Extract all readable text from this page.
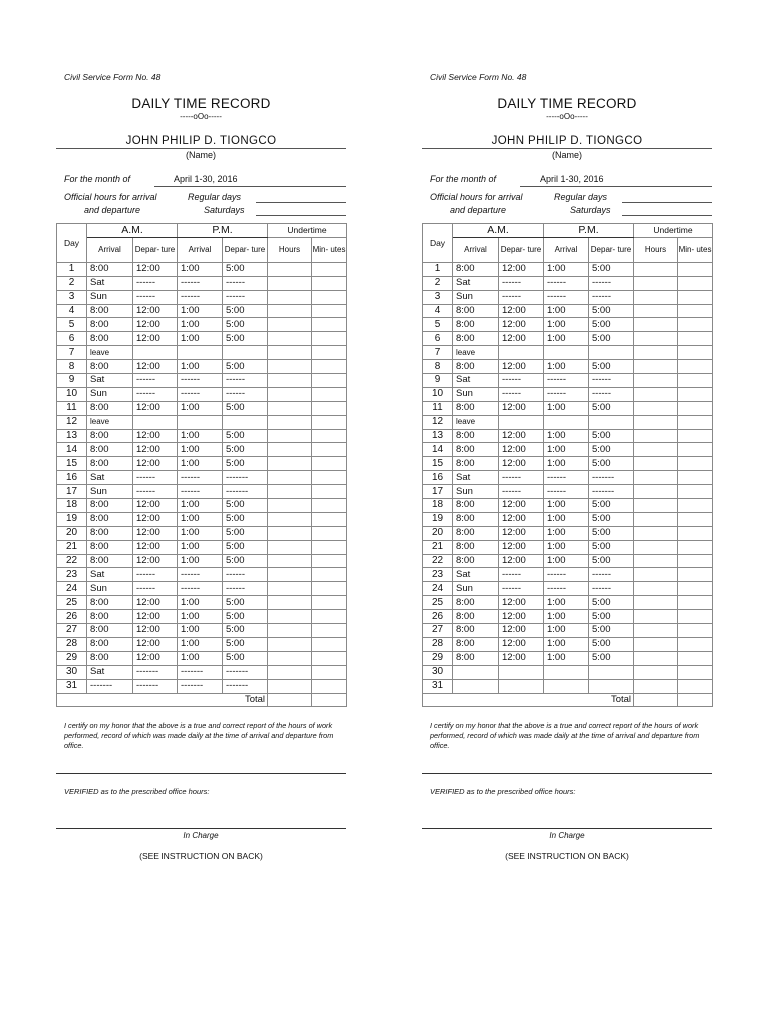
Civil Service Form No. 48
DAILY TIME RECORD
-----oOo-----
JOHN PHILIP D. TIONGCO
(Name)
For the month of	April 1-30, 2016
Official hours for arrival
and departure
Regular days
Saturdays
Day	A.M.		P.M.		Undertime	
	Arrival	Depar- ture	Arrival	Depar- ture	Hours	Min- utes
1	8:00	12:00	1:00	5:00		
2	Sat	------	------	------		
3	Sun	------	------	------		
4	8:00	12:00	1:00	5:00		
5	8:00	12:00	1:00	5:00		
6	8:00	12:00	1:00	5:00		
7	leave					
8	8:00	12:00	1:00	5:00		
9	Sat	------	------	------		
10	Sun	------	------	------		
11	8:00	12:00	1:00	5:00		
12	leave					
13	8:00	12:00	1:00	5:00		
14	8:00	12:00	1:00	5:00		
15	8:00	12:00	1:00	5:00		
16	Sat	------	------	-------		
17	Sun	------	------	-------		
18	8:00	12:00	1:00	5:00		
19	8:00	12:00	1:00	5:00		
20	8:00	12:00	1:00	5:00		
21	8:00	12:00	1:00	5:00		
22	8:00	12:00	1:00	5:00		
23	Sat	------	------	------		
24	Sun	------	------	------		
25	8:00	12:00	1:00	5:00		
26	8:00	12:00	1:00	5:00		
27	8:00	12:00	1:00	5:00		
28	8:00	12:00	1:00	5:00		
29	8:00	12:00	1:00	5:00		
30	Sat	-------	-------	-------		
31	-------	-------	-------	-------		
Total						
I certify on my honor that the above is a true and correct report of the hours of work performed, record of which was made daily at the time of arrival and departure from office.
VERIFIED as to the prescribed office hours:
In Charge
(SEE INSTRUCTION ON BACK)
Civil Service Form No. 48
DAILY TIME RECORD
-----oOo-----
JOHN PHILIP D. TIONGCO
(Name)
For the month of	April 1-30, 2016
Official hours for arrival
and departure
Regular days
Saturdays
Day	A.M.		P.M.		Undertime	
	Arrival	Depar- ture	Arrival	Depar- ture	Hours	Min- utes
1	8:00	12:00	1:00	5:00		
2	Sat	------	------	------		
3	Sun	------	------	------		
4	8:00	12:00	1:00	5:00		
5	8:00	12:00	1:00	5:00		
6	8:00	12:00	1:00	5:00		
7	leave					
8	8:00	12:00	1:00	5:00		
9	Sat	------	------	------		
10	Sun	------	------	------		
11	8:00	12:00	1:00	5:00		
12	leave					
13	8:00	12:00	1:00	5:00		
14	8:00	12:00	1:00	5:00		
15	8:00	12:00	1:00	5:00		
16	Sat	------	------	-------		
17	Sun	------	------	-------		
18	8:00	12:00	1:00	5:00		
19	8:00	12:00	1:00	5:00		
20	8:00	12:00	1:00	5:00		
21	8:00	12:00	1:00	5:00		
22	8:00	12:00	1:00	5:00		
23	Sat	------	------	------		
24	Sun	------	------	------		
25	8:00	12:00	1:00	5:00		
26	8:00	12:00	1:00	5:00		
27	8:00	12:00	1:00	5:00		
28	8:00	12:00	1:00	5:00		
29	8:00	12:00	1:00	5:00		
30						
31						
Total						
I certify on my honor that the above is a true and correct report of the hours of work performed, record of which was made daily at the time of arrival and departure from office.
VERIFIED as to the prescribed office hours:
In Charge
(SEE INSTRUCTION ON BACK)
